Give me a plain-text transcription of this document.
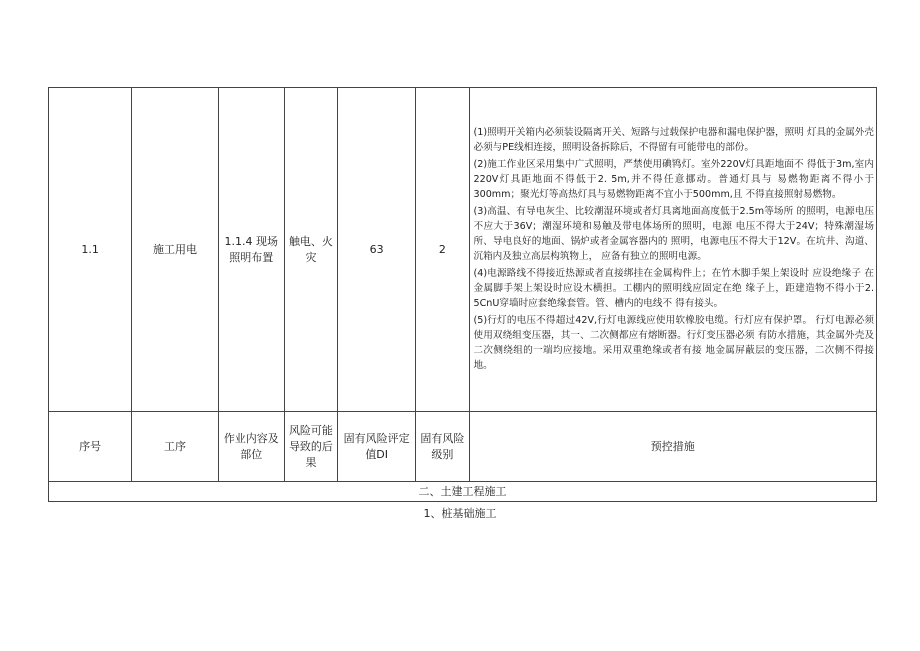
1.1	施工用电	1.1.4 现场照明布置	触电、火灾	63	2	(1)照明开关箱内必须装设隔离开关、短路与过载保护电器和漏电保护器，照明 灯具的金属外壳必须与PE线相连接，照明设备拆除后，不得留有可能带电的部份。

(2)施工作业区采用集中广式照明，严禁使用碘鸨灯。室外220V灯具距地面不 得低于3m,室内220V灯具距地面不得低于2. 5m,并不得任意挪动。普通灯具与 易燃物距离不得小于300mm；聚光灯等高热灯具与易燃物距离不宜小于500mm,且 不得直接照射易燃物。

(3)高温、有导电灰尘、比较潮湿环境或者灯具离地面高度低于2.5m等场所 的照明，电源电压不应大于36V；潮湿环境和易触及带电体场所的照明，电源 电压不得大于24V；特殊潮湿场所、导电良好的地面、锅炉或者金属容器内的 照明，电源电压不得大于12V。在坑井、沟道、沉箱内及独立高层构筑物上， 应备有独立的照明电源。

(4)电源路线不得接近热源或者直接绑挂在金属构件上；在竹木脚手架上架设时 应设绝缘子 在金属脚手架上架设时应设木横担。工棚内的照明线应固定在绝 缘子上，距建造物不得小于2. 5CnU穿墙时应套绝缘套管。管、槽内的电线不 得有接头。

(5)行灯的电压不得超过42V,行灯电源线应使用软橡胶电缆。行灯应有保护罩。 行灯电源必须使用双绕组变压器，其一、二次侧都应有熔断器。行灯变压器必须 有防水措施，其金属外壳及二次侧绕组的一端均应接地。采用双重绝缘或者有接 地金属屏蔽层的变压器，二次侧不得接地。

序号	工序	作业内容及部位	风险可能导致的后果	固有风险评定值DI	固有风险级别	预控措施
二、土建工程施工						
1、桩基础施工
